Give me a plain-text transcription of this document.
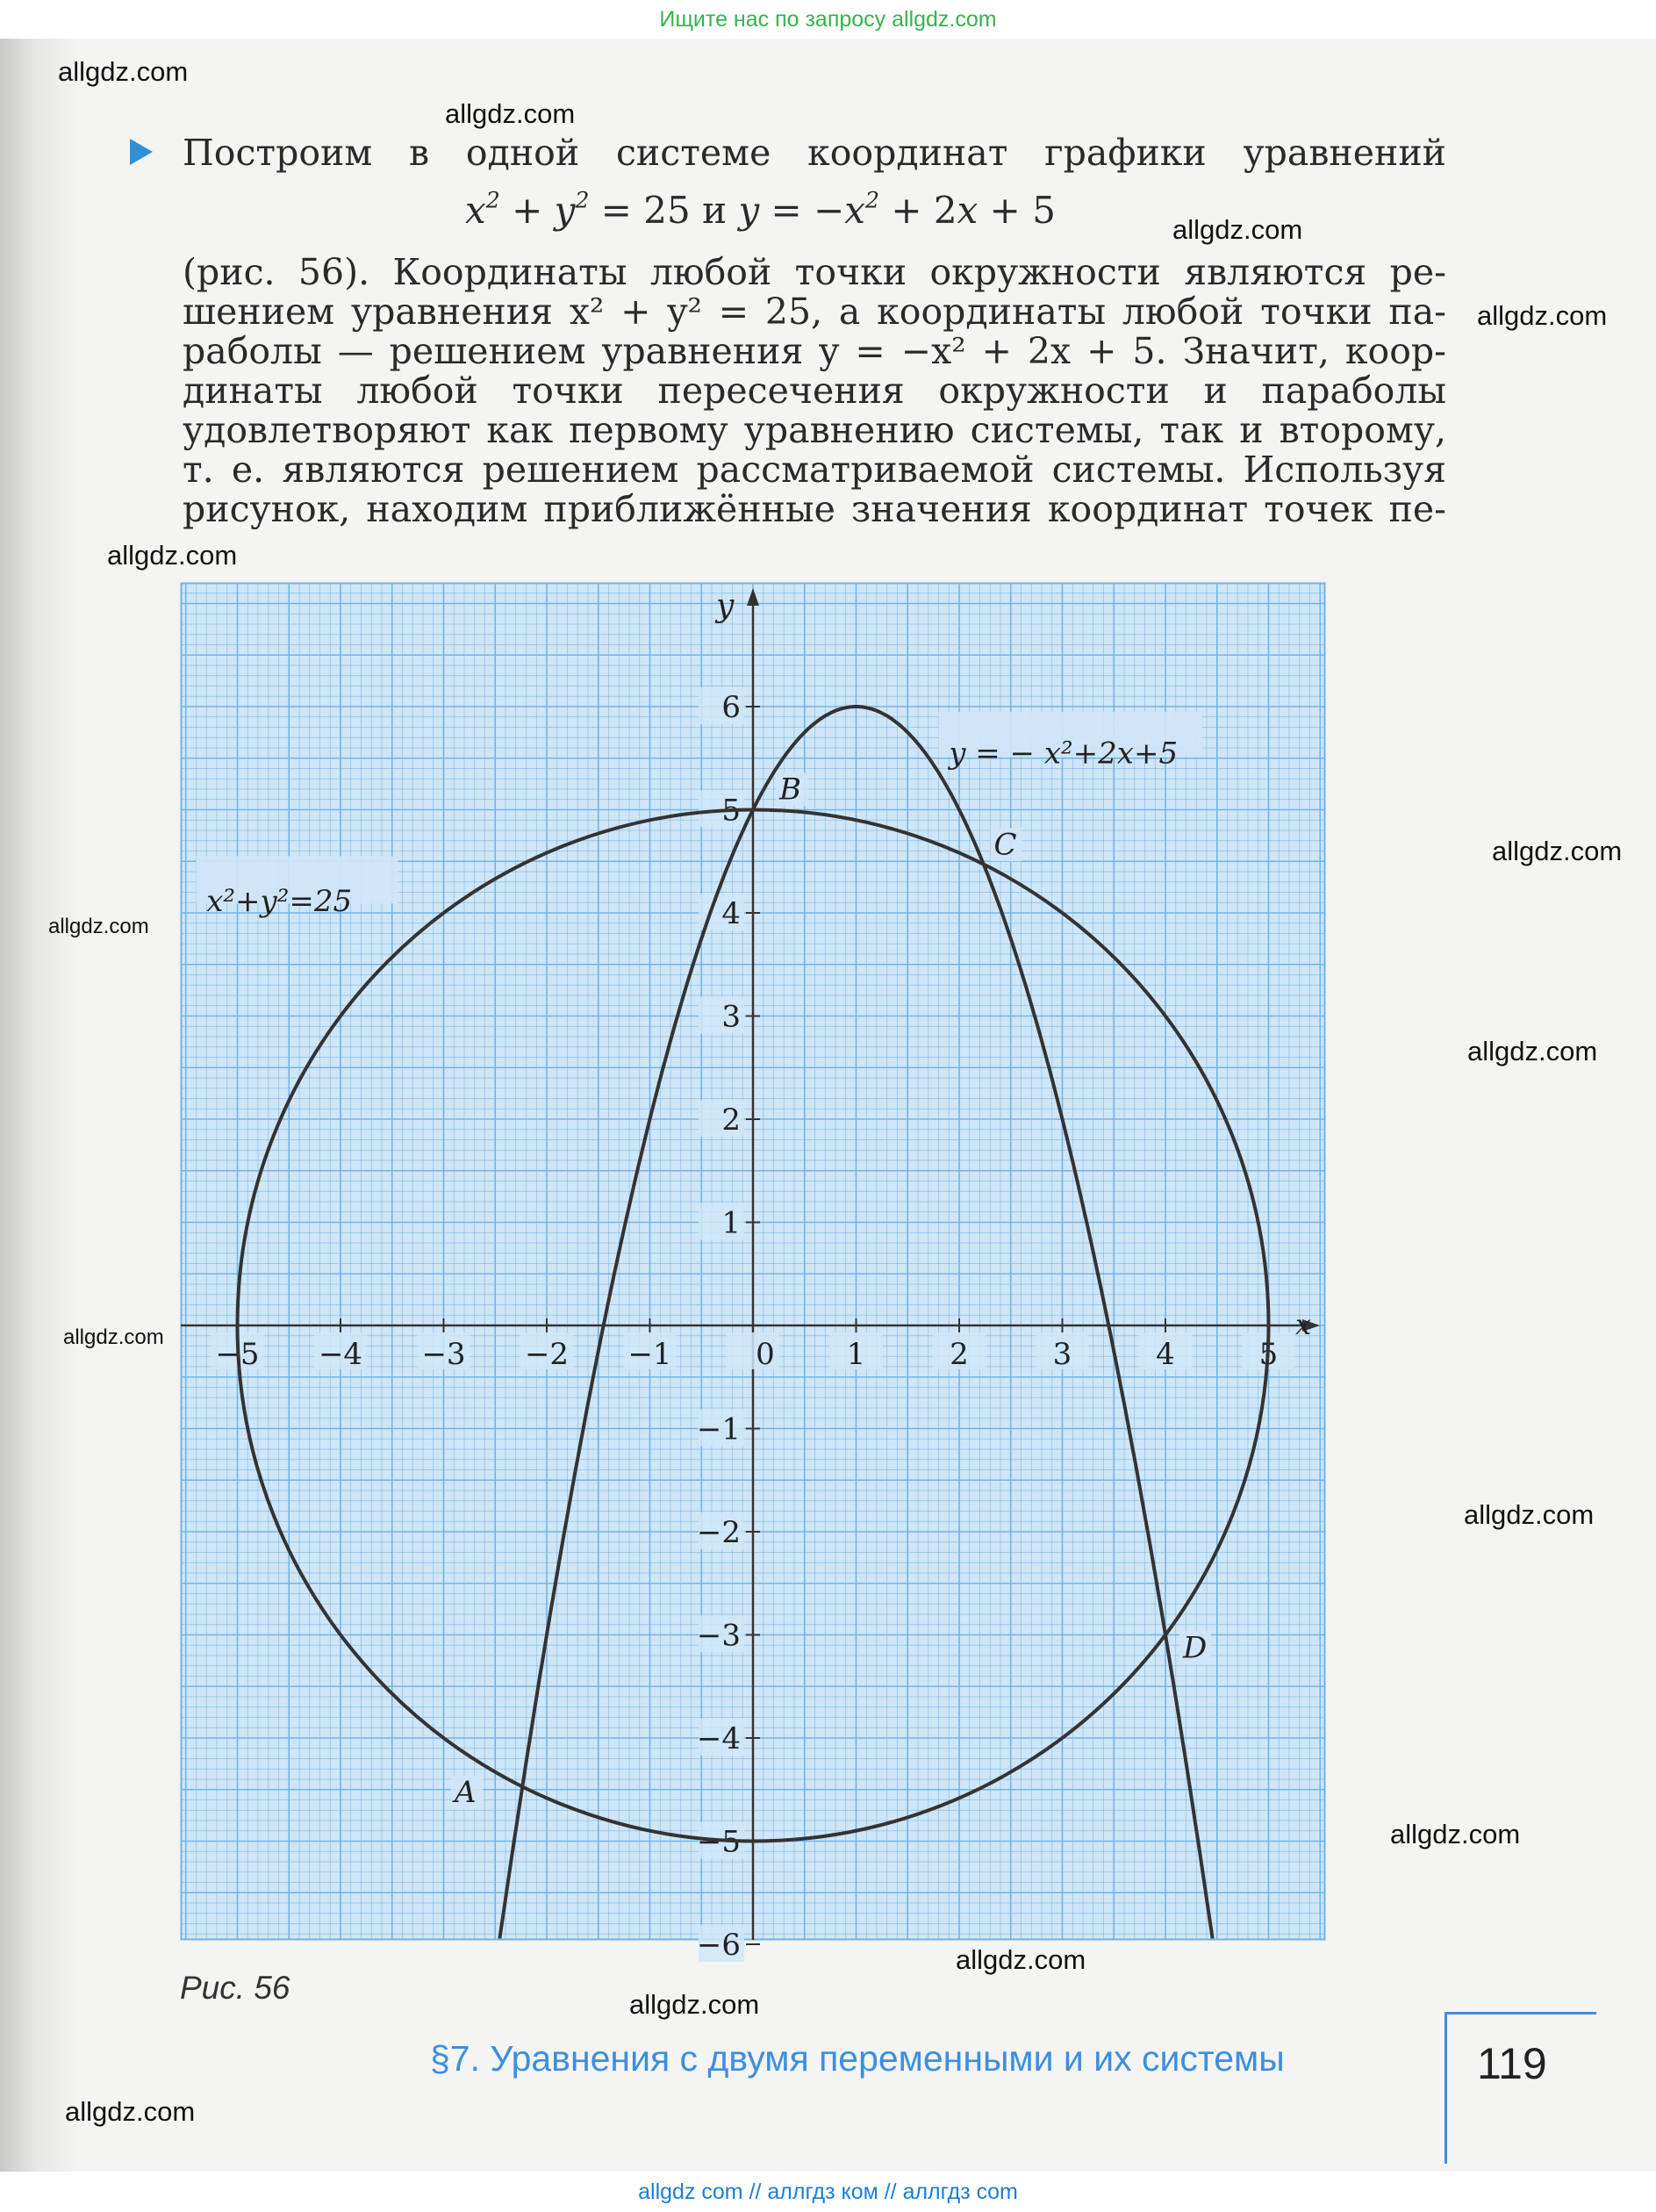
Ищите нас по запросу allgdz.com
allgdz.com
allgdz.com
allgdz.com
allgdz.com
allgdz.com
allgdz.com
allgdz.com
allgdz.com
allgdz.com
allgdz.com
allgdz.com
allgdz.com
allgdz.com
allgdz.com
Построим в одной системе координат графики уравнений
$x^2 + y^2 = 25$ и $y = -x^2 + 2x + 5$
(рис. 56). Координаты любой точки окружности являются ре-
шением уравнения x² + y² = 25, а координаты любой точки па-
раболы — решением уравнения y = −x² + 2x + 5. Значит, коор-
динаты любой точки пересечения окружности и параболы
удовлетворяют как первому уравнению системы, так и второму,
т. е. являются решением рассматриваемой системы. Используя
рисунок, находим приближённые значения координат точек пе-
x
y
−5 −4 −3 −2 −1	0 1	2	3	4	5
6
5
4
3
2
1
−1
−2
−3
−4
−5
−6
x²+y²=25
y = − x²+2x+5
A
B
C
D
Рис. 56
§7. Уравнения с двумя переменными и их системы	119
allgdz com // аллгдз ком // аллгдз com
